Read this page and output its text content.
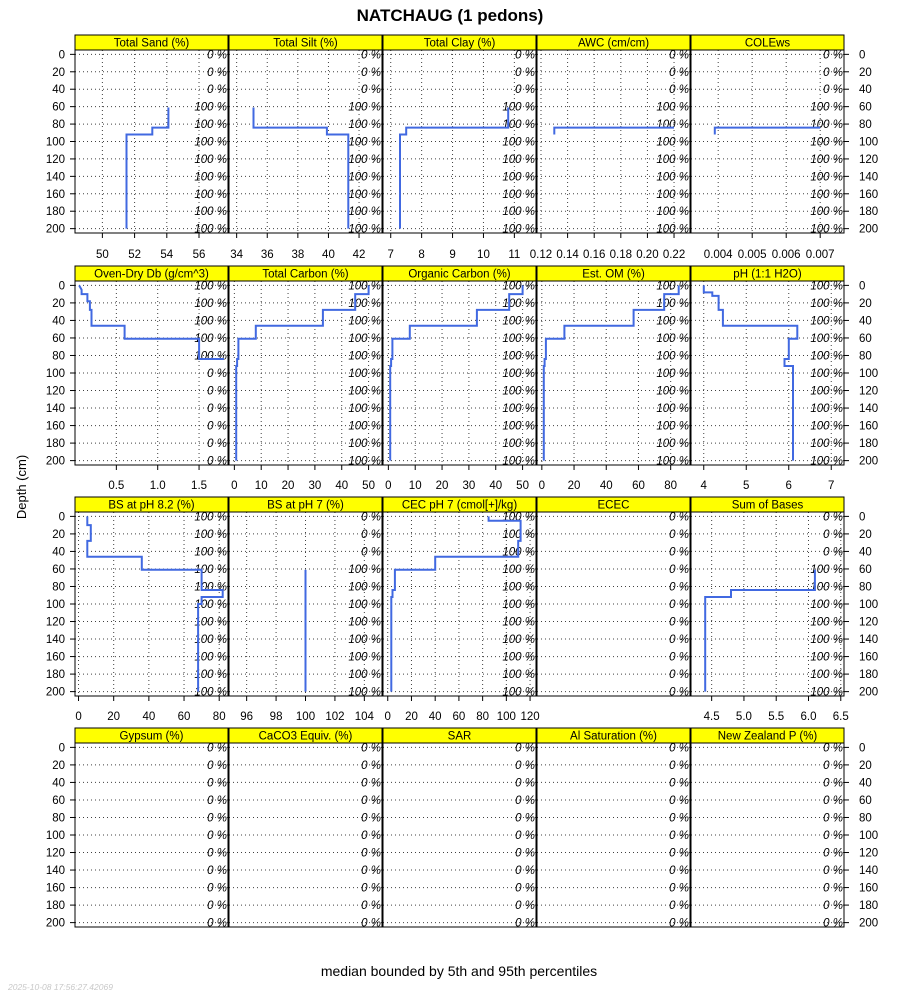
NATCHAUG (1 pedons)
Depth (cm)
median bounded by 5th and 95th percentiles
2025-10-08 17:56:27.42069
Total Sand (%)
50 52 54 56
0 %
0 %
0 %
100 %
100 %
100 %
100 %
100 %
100 %
100 %
100 %
0
20
40
60
80
100
120
140
160
180
200
Total Silt (%)
34 36 38 40 42
0 %
0 %
0 %
100 %
100 %
100 %
100 %
100 %
100 %
100 %
100 %
Total Clay (%)
7 8 9 10 11
0 %
0 %
0 %
100 %
100 %
100 %
100 %
100 %
100 %
100 %
100 %
AWC (cm/cm)
0.12 0.14 0.16 0.18 0.20 0.22
0 %
0 %
0 %
100 %
100 %
100 %
100 %
100 %
100 %
100 %
100 %
COLEws
0.004 0.005 0.006 0.007
0 %
0 %
0 %
100 %
100 %
100 %
100 %
100 %
100 %
100 %
100 %
0
20
40
60
80
100
120
140
160
180
200
Oven-Dry Db (g/cm^3)
0.5 1.0 1.5
100 %
100 %
100 %
100 %
100 %
0 %
0 %
0 %
0 %
0 %
0 %
0
20
40
60
80
100
120
140
160
180
200
Total Carbon (%)
0 10 20 30 40 50
100 %
100 %
100 %
100 %
100 %
100 %
100 %
100 %
100 %
100 %
100 %
Organic Carbon (%)
0 10 20 30 40 50
100 %
100 %
100 %
100 %
100 %
100 %
100 %
100 %
100 %
100 %
100 %
Est. OM (%)
0 20 40 60 80
100 %
100 %
100 %
100 %
100 %
100 %
100 %
100 %
100 %
100 %
100 %
pH (1:1 H2O)
4	5	6	7
100 %
100 %
100 %
100 %
100 %
100 %
100 %
100 %
100 %
100 %
100 %
0
20
40
60
80
100
120
140
160
180
200
BS at pH 8.2 (%)
0 20 40 60 80
100 %
100 %
100 %
100 %
100 %
100 %
100 %
100 %
100 %
100 %
100 %
0
20
40
60
80
100
120
140
160
180
200
BS at pH 7 (%)
96 98 100 102 104
0 %
0 %
0 %
100 %
100 %
100 %
100 %
100 %
100 %
100 %
100 %
CEC pH 7 (cmol[+]/kg)
0 20 40 60 80 100 120
100 %
100 %
100 %
100 %
100 %
100 %
100 %
100 %
100 %
100 %
100 %
ECEC
0 %
0 %
0 %
0 %
0 %
0 %
0 %
0 %
0 %
0 %
0 %
Sum of Bases
4.5 5.0 5.5 6.0 6.5
0 %
0 %
0 %
100 %
100 %
100 %
100 %
100 %
100 %
100 %
100 %
0
20
40
60
80
100
120
140
160
180
200
Gypsum (%)
0 %
0 %
0 %
0 %
0 %
0 %
0 %
0 %
0 %
0 %
0 %
0
20
40
60
80
100
120
140
160
180
200
CaCO3 Equiv. (%)
0 %
0 %
0 %
0 %
0 %
0 %
0 %
0 %
0 %
0 %
0 %
SAR
0 %
0 %
0 %
0 %
0 %
0 %
0 %
0 %
0 %
0 %
0 %
Al Saturation (%)
0 %
0 %
0 %
0 %
0 %
0 %
0 %
0 %
0 %
0 %
0 %
New Zealand P (%)
0 %
0 %
0 %
0 %
0 %
0 %
0 %
0 %
0 %
0 %
0 %
0
20
40
60
80
100
120
140
160
180
200
